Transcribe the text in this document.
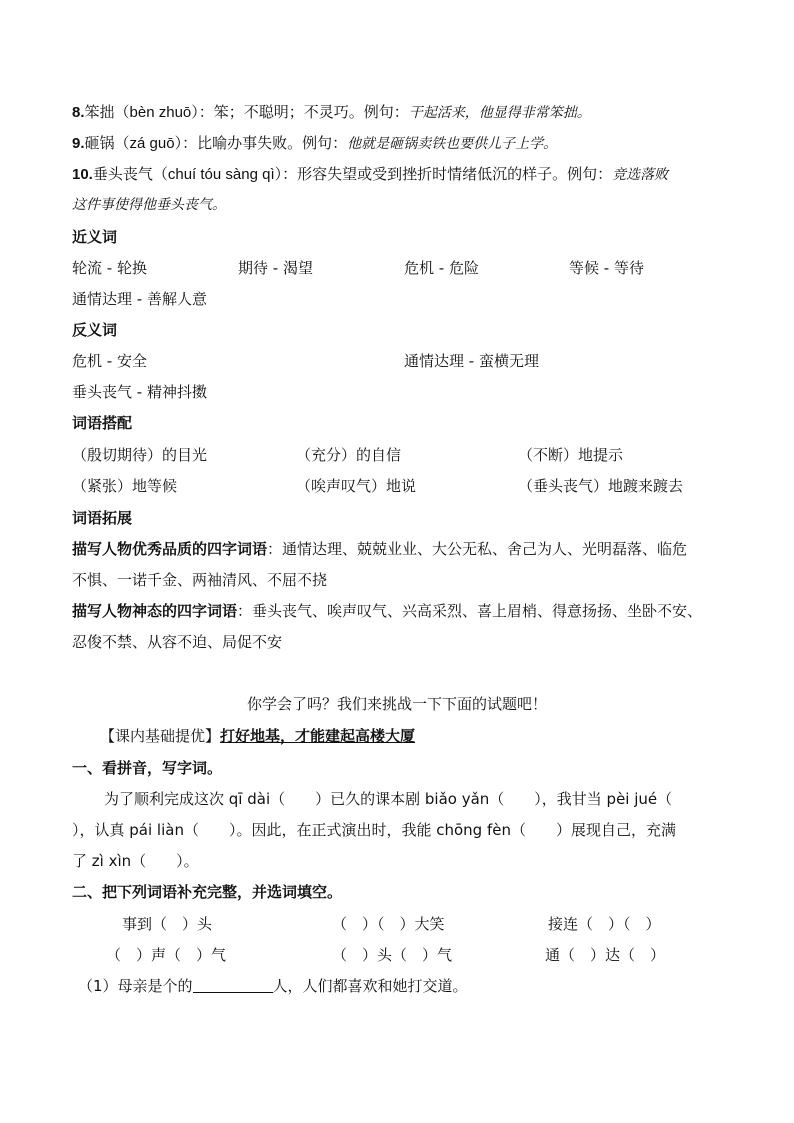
8.笨拙（bèn zhuō）：笨；不聪明；不灵巧。例句：干起活来，他显得非常笨拙。
9.砸锅（zá guō）：比喻办事失败。例句：他就是砸锅卖铁也要供儿子上学。
10.垂头丧气（chuí tóu sàng qì）：形容失望或受到挫折时情绪低沉的样子。例句：竞选落败
这件事使得他垂头丧气。
近义词
轮流 - 轮换	期待 - 渴望	危机 - 危险	等候 - 等待
通情达理 - 善解人意
反义词
危机 - 安全	通情达理 - 蛮横无理
垂头丧气 - 精神抖擞
词语搭配
（殷切期待）的目光	（充分）的自信	（不断）地提示
（紧张）地等候	（唉声叹气）地说	（垂头丧气）地踱来踱去
词语拓展
描写人物优秀品质的四字词语：通情达理、兢兢业业、大公无私、舍己为人、光明磊落、临危
不惧、一诺千金、两袖清风、不屈不挠
描写人物神态的四字词语：垂头丧气、唉声叹气、兴高采烈、喜上眉梢、得意扬扬、坐卧不安、
忍俊不禁、从容不迫、局促不安
你学会了吗？我们来挑战一下下面的试题吧！
【课内基础提优】打好地基，才能建起高楼大厦
一、看拼音，写字词。
为了顺利完成这次 qī dài（　　）已久的课本剧 biǎo yǎn（　　），我甘当 pèi jué（
），认真 pái liàn（　　）。因此，在正式演出时，我能 chōng fèn（　　）展现自己，充满
了 zì xìn（　　）。
二、把下列词语补充完整，并选词填空。
事到（　）头	（　）（　）大笑	接连（　）（　）
（　）声（　）气	（　）头（　）气	通（　）达（　）
（1）母亲是个的	人，人们都喜欢和她打交道。
